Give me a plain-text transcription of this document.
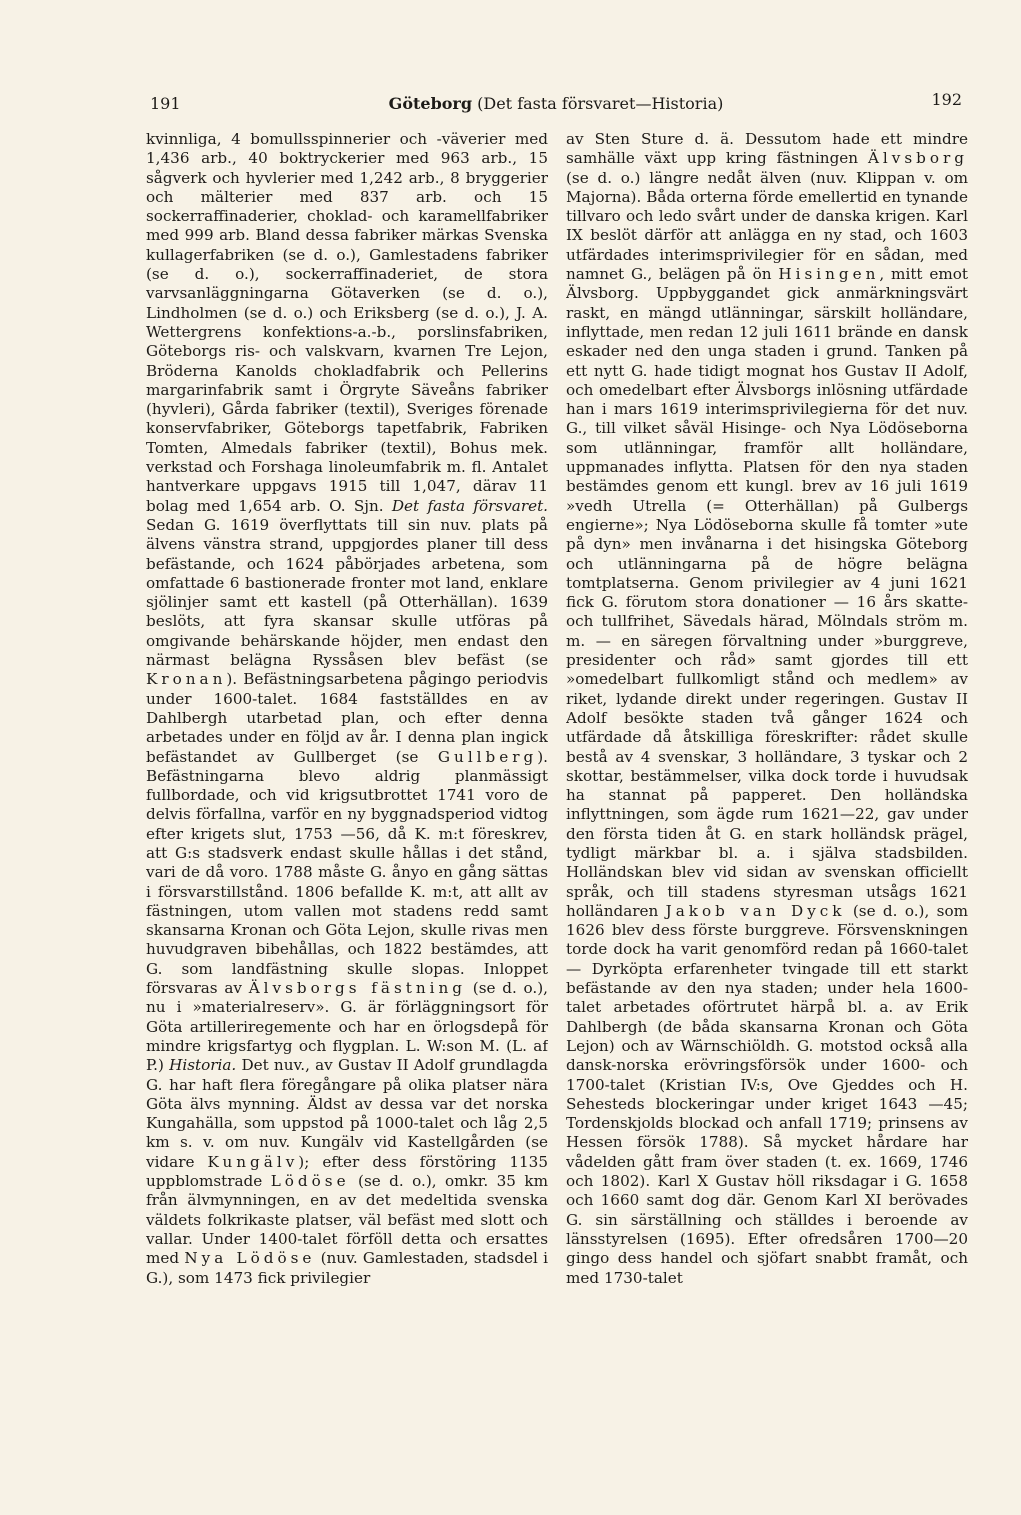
191	Göteborg (Det fasta försvaret—Historia)	192

kvinnliga, 4 bomullsspinnerier och -väverier med 1,436 arb., 40 boktryckerier med 963 arb., 15 sågverk och hyvlerier med 1,242 arb., 8 bryggerier och mälterier med 837 arb. och 15 sockerraffinaderier, choklad- och karamellfabriker med 999 arb. Bland dessa fabriker märkas Svenska kullagerfabriken (se d. o.), Gamlestadens fabriker (se d. o.), sockerraffinaderiet, de stora varvsanläggningarna Götaverken (se d. o.), Lindholmen (se d. o.) och Eriksberg (se d. o.), J. A. Wettergrens konfektions-a.-b., porslinsfabriken, Göteborgs ris- och valskvarn, kvarnen Tre Lejon, Bröderna Kanolds chokladfabrik och Pellerins margarinfabrik samt i Örgryte Säveåns fabriker (hyvleri), Gårda fabriker (textil), Sveriges förenade konservfabriker, Göteborgs tapetfabrik, Fabriken Tomten, Almedals fabriker (textil), Bohus mek. verkstad och Forshaga linoleumfabrik m. fl. Antalet hantverkare uppgavs 1915 till 1,047, därav 11 bolag med 1,654 arb. O. Sjn. Det fasta försvaret. Sedan G. 1619 överflyttats till sin nuv. plats på älvens vänstra strand, uppgjordes planer till dess befästande, och 1624 påbörjades arbetena, som omfattade 6 bastionerade fronter mot land, enklare sjölinjer samt ett kastell (på Otterhällan). 1639 beslöts, att fyra skansar skulle utföras på omgivande behärskande höjder, men endast den närmast belägna Ryssåsen blev befäst (se Kronan). Befästningsarbetena pågingo periodvis under 1600-talet. 1684 fastställdes en av Dahlbergh utarbetad plan, och efter denna arbetades under en följd av år. I denna plan ingick befästandet av Gullberget (se Gullberg). Befästningarna blevo aldrig planmässigt fullbordade, och vid krigsutbrottet 1741 voro de delvis förfallna, varför en ny byggnadsperiod vidtog efter krigets slut, 1753 —56, då K. m:t föreskrev, att G:s stadsverk endast skulle hållas i det stånd, vari de då voro. 1788 måste G. ånyo en gång sättas i försvarstillstånd. 1806 befallde K. m:t, att allt av fästningen, utom vallen mot stadens redd samt skansarna Kronan och Göta Lejon, skulle rivas men huvudgraven bibehållas, och 1822 bestämdes, att G. som landfästning skulle slopas. Inloppet försvaras av Älvsborgs fästning (se d. o.), nu i »materialreserv». G. är förläggningsort för Göta artilleriregemente och har en örlogsdepå för mindre krigsfartyg och flygplan. L. W:son M. (L. af P.) Historia. Det nuv., av Gustav II Adolf grundlagda G. har haft flera föregångare på olika platser nära Göta älvs mynning. Äldst av dessa var det norska Kungahälla, som uppstod på 1000-talet och låg 2,5 km s. v. om nuv. Kungälv vid Kastellgården (se vidare Kungälv); efter dess förstöring 1135 uppblomstrade Lödöse (se d. o.), omkr. 35 km från älvmynningen, en av det medeltida svenska väldets folkrikaste platser, väl befäst med slott och vallar. Under 1400-talet förföll detta och ersattes med Nya Lödöse (nuv. Gamlestaden, stadsdel i G.), som 1473 fick privilegier

av Sten Sture d. ä. Dessutom hade ett mindre samhälle växt upp kring fästningen Älvsborg (se d. o.) längre nedåt älven (nuv. Klippan v. om Majorna). Båda orterna förde emellertid en tynande tillvaro och ledo svårt under de danska krigen. Karl IX beslöt därför att anlägga en ny stad, och 1603 utfärdades interimsprivilegier för en sådan, med namnet G., belägen på ön Hisingen, mitt emot Älvsborg. Uppbyggandet gick anmärkningsvärt raskt, en mängd utlänningar, särskilt holländare, inflyttade, men redan 12 juli 1611 brände en dansk eskader ned den unga staden i grund. Tanken på ett nytt G. hade tidigt mognat hos Gustav II Adolf, och omedelbart efter Älvsborgs inlösning utfärdade han i mars 1619 interimsprivilegierna för det nuv. G., till vilket såväl Hisinge- och Nya Lödöseborna som utlänningar, framför allt holländare, uppmanades inflytta. Platsen för den nya staden bestämdes genom ett kungl. brev av 16 juli 1619 »vedh Utrella (= Otterhällan) på Gulbergs engierne»; Nya Lödöseborna skulle få tomter »ute på dyn» men invånarna i det hisingska Göteborg och utlänningarna på de högre belägna tomtplatserna. Genom privilegier av 4 juni 1621 fick G. förutom stora donationer — 16 års skatte- och tullfrihet, Sävedals härad, Mölndals ström m. m. — en säregen förvaltning under »burggreve, presidenter och råd» samt gjordes till ett »omedelbart fullkomligt stånd och medlem» av riket, lydande direkt under regeringen. Gustav II Adolf besökte staden två gånger 1624 och utfärdade då åtskilliga föreskrifter: rådet skulle bestå av 4 svenskar, 3 holländare, 3 tyskar och 2 skottar, bestämmelser, vilka dock torde i huvudsak ha stannat på papperet. Den holländska inflyttningen, som ägde rum 1621—22, gav under den första tiden åt G. en stark holländsk prägel, tydligt märkbar bl. a. i själva stadsbilden. Holländskan blev vid sidan av svenskan officiellt språk, och till stadens styresman utsågs 1621 holländaren Jakob van Dyck (se d. o.), som 1626 blev dess förste burggreve. Försvenskningen torde dock ha varit genomförd redan på 1660-talet — Dyrköpta erfarenheter tvingade till ett starkt befästande av den nya staden; under hela 1600-talet arbetades oförtrutet härpå bl. a. av Erik Dahlbergh (de båda skansarna Kronan och Göta Lejon) och av Wärnschiöldh. G. motstod också alla dansk-norska erövringsförsök under 1600- och 1700-talet (Kristian IV:s, Ove Gjeddes och H. Sehesteds blockeringar under kriget 1643 —45; Tordenskjolds blockad och anfall 1719; prinsens av Hessen försök 1788). Så mycket hårdare har vådelden gått fram över staden (t. ex. 1669, 1746 och 1802). Karl X Gustav höll riksdagar i G. 1658 och 1660 samt dog där. Genom Karl XI berövades G. sin särställning och ställdes i beroende av länsstyrelsen (1695). Efter ofredsåren 1700—20 gingo dess handel och sjöfart snabbt framåt, och med 1730-talet
